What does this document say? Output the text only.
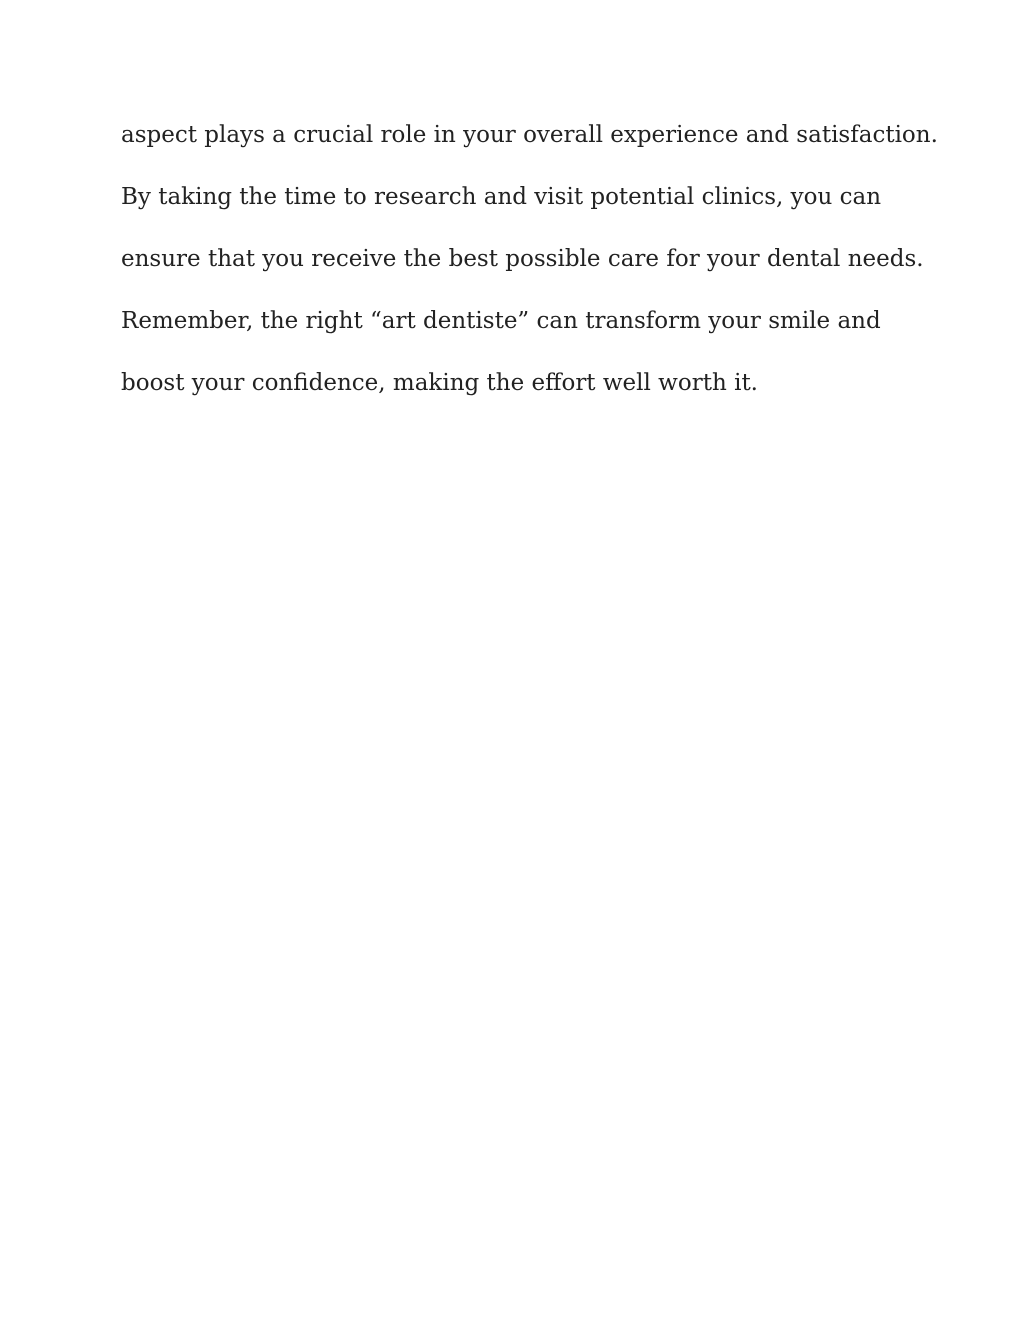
aspect plays a crucial role in your overall experience and satisfaction.
By taking the time to research and visit potential clinics, you can
ensure that you receive the best possible care for your dental needs.
Remember, the right “art dentiste” can transform your smile and
boost your confidence, making the effort well worth it.
